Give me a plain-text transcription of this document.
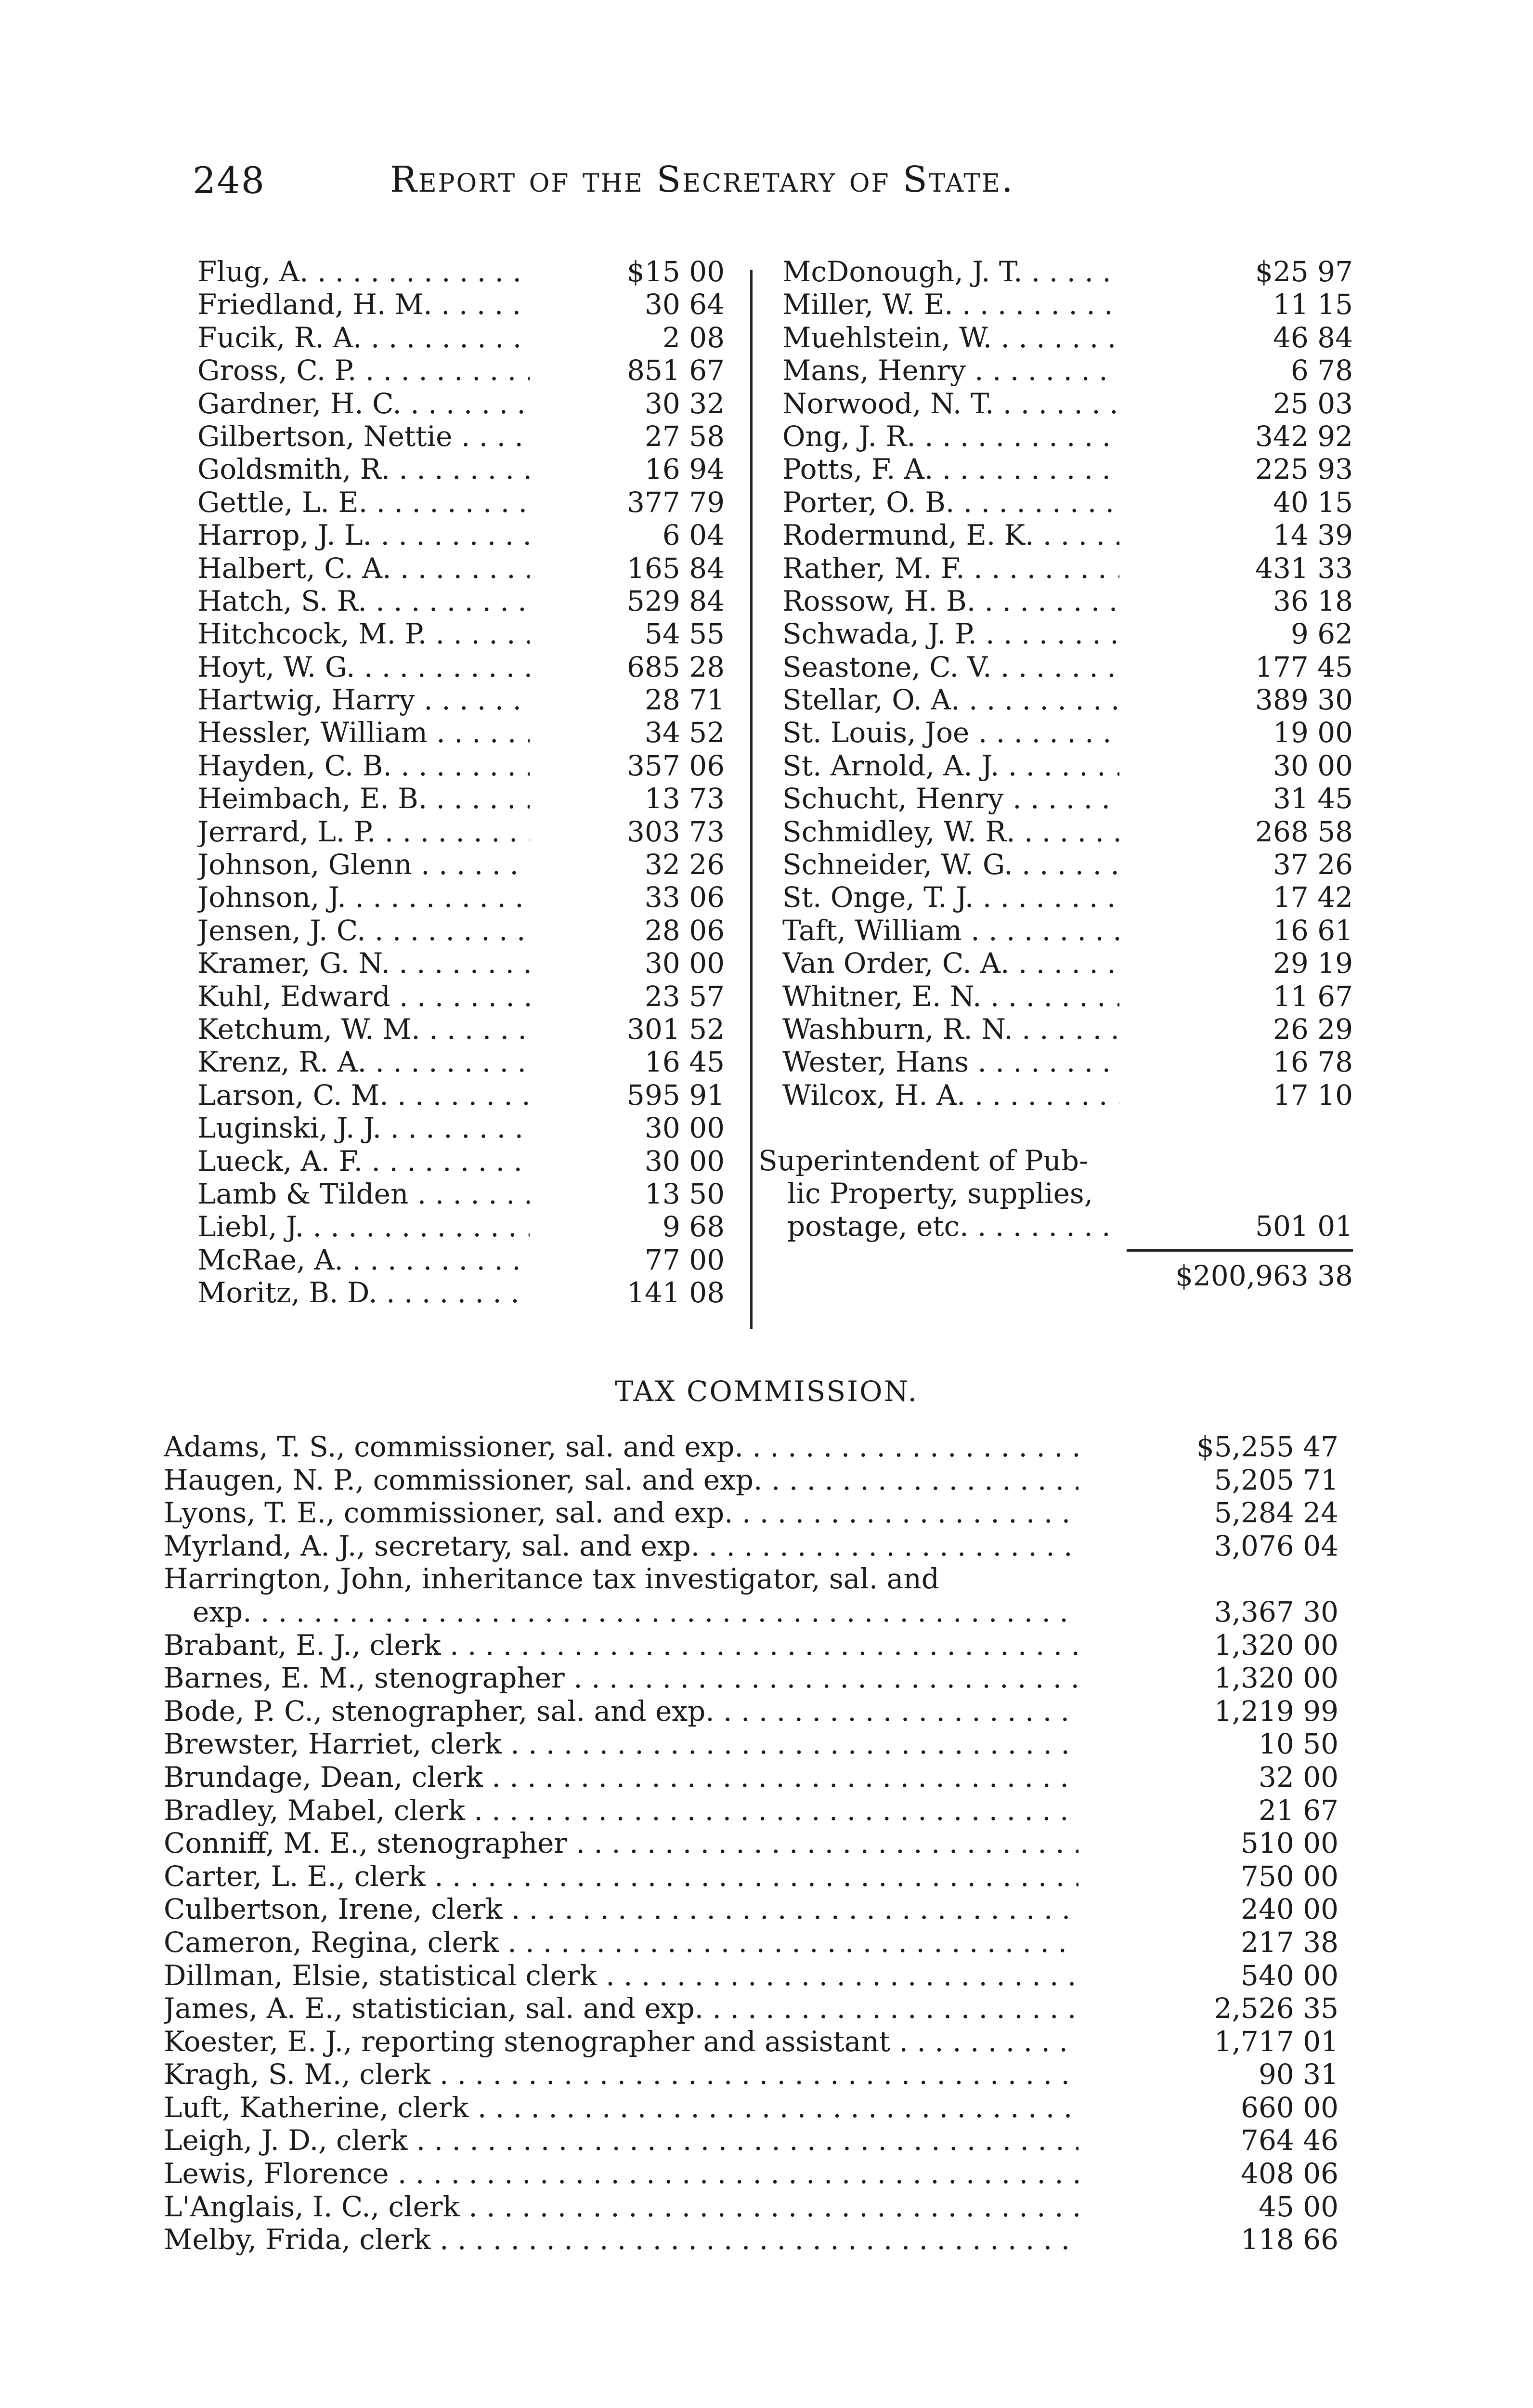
248	Report of the Secretary of State.
Flug, A. . . .	$15 00
Friedland, H. M. . . .	30 64
Fucik, R. A. . . .	2 08
Gross, C. P. . . .	851 67
Gardner, H. C. . . .	30 32
Gilbertson, Nettie . . .	27 58
Goldsmith, R. . . .	16 94
Gettle, L. E. . . .	377 79
Harrop, J. L. . . .	6 04
Halbert, C. A. . . .	165 84
Hatch, S. R. . . .	529 84
Hitchcock, M. P. . . .	54 55
Hoyt, W. G. . . .	685 28
Hartwig, Harry . . .	28 71
Hessler, William . . .	34 52
Hayden, C. B. . . .	357 06
Heimbach, E. B. . . .	13 73
Jerrard, L. P. . . .	303 73
Johnson, Glenn . . .	32 26
Johnson, J. . . .	33 06
Jensen, J. C. . . .	28 06
Kramer, G. N. . . .	30 00
Kuhl, Edward . . .	23 57
Ketchum, W. M. . . .	301 52
Krenz, R. A. . . .	16 45
Larson, C. M. . . .	595 91
Luginski, J. J. . . .	30 00
Lueck, A. F. . . .	30 00
Lamb & Tilden . . .	13 50
Liebl, J. . . .	9 68
McRae, A. . . .	77 00
Moritz, B. D. . . .	141 08
McDonough, J. T. . . .	$25 97
Miller, W. E. . . .	11 15
Muehlstein, W. . . .	46 84
Mans, Henry . . .	6 78
Norwood, N. T. . . .	25 03
Ong, J. R. . . .	342 92
Potts, F. A. . . .	225 93
Porter, O. B. . . .	40 15
Rodermund, E. K. . . .	14 39
Rather, M. F. . . .	431 33
Rossow, H. B. . . .	36 18
Schwada, J. P. . . .	9 62
Seastone, C. V. . . .	177 45
Stellar, O. A. . . .	389 30
St. Louis, Joe . . .	19 00
St. Arnold, A. J. . . .	30 00
Schucht, Henry . . .	31 45
Schmidley, W. R. . . .	268 58
Schneider, W. G. . . .	37 26
St. Onge, T. J. . . .	17 42
Taft, William . . .	16 61
Van Order, C. A. . . .	29 19
Whitner, E. N. . . .	11 67
Washburn, R. N. . . .	26 29
Wester, Hans . . .	16 78
Wilcox, H. A. . . .	17 10
Superintendent of Pub-
lic Property, supplies,
postage, etc. . . .	501 01
$200,963 38
TAX COMMISSION.
Adams, T. S., commissioner, sal. and exp. . . .	$5,255 47
Haugen, N. P., commissioner, sal. and exp. . . .	5,205 71
Lyons, T. E., commissioner, sal. and exp. . . .	5,284 24
Myrland, A. J., secretary, sal. and exp. . . .	3,076 04
Harrington, John, inheritance tax investigator, sal. and
exp. . . .	3,367 30
Brabant, E. J., clerk . . .	1,320 00
Barnes, E. M., stenographer . . .	1,320 00
Bode, P. C., stenographer, sal. and exp. . . .	1,219 99
Brewster, Harriet, clerk . . .	10 50
Brundage, Dean, clerk . . .	32 00
Bradley, Mabel, clerk . . .	21 67
Conniff, M. E., stenographer . . .	510 00
Carter, L. E., clerk . . .	750 00
Culbertson, Irene, clerk . . .	240 00
Cameron, Regina, clerk . . .	217 38
Dillman, Elsie, statistical clerk . . .	540 00
James, A. E., statistician, sal. and exp. . . .	2,526 35
Koester, E. J., reporting stenographer and assistant . . .	1,717 01
Kragh, S. M., clerk . . .	90 31
Luft, Katherine, clerk . . .	660 00
Leigh, J. D., clerk . . .	764 46
Lewis, Florence . . .	408 06
L'Anglais, I. C., clerk . . .	45 00
Melby, Frida, clerk . . .	118 66
